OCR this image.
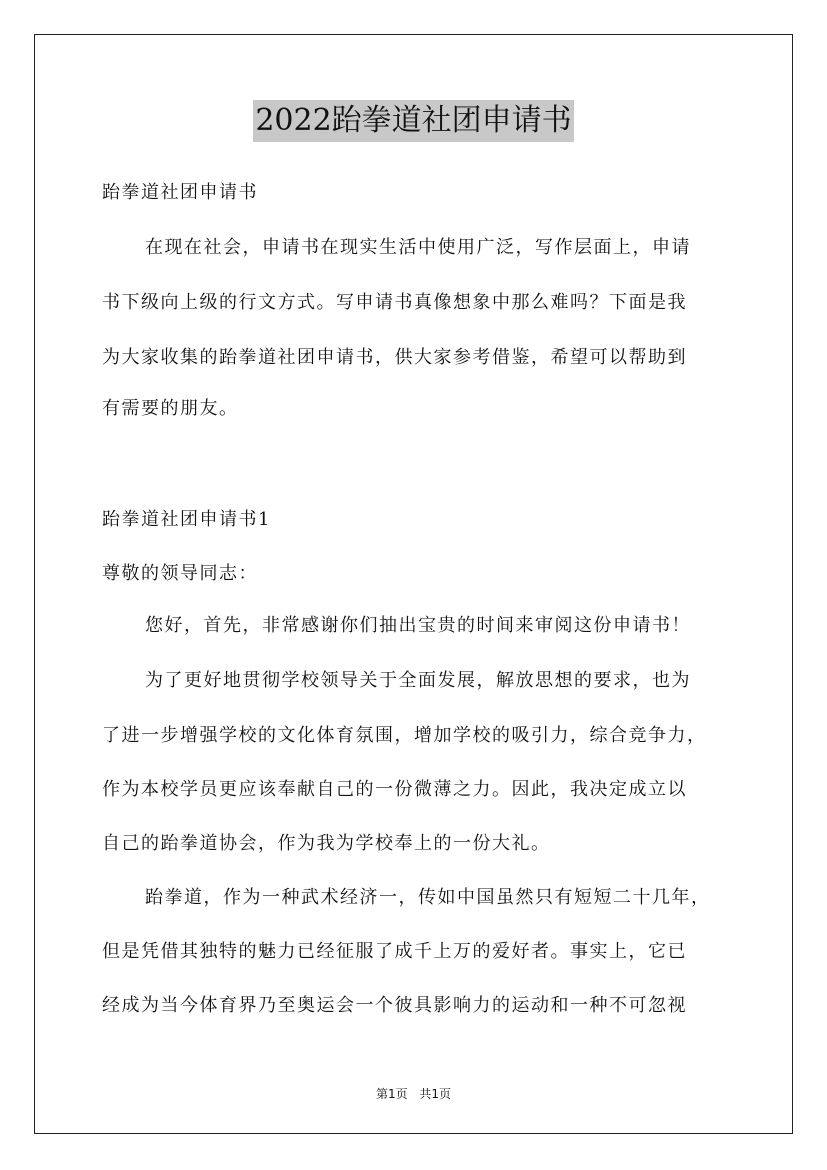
2022跆拳道社团申请书
跆拳道社团申请书
在现在社会，申请书在现实生活中使用广泛，写作层面上，申请
书下级向上级的行文方式。写申请书真像想象中那么难吗？下面是我
为大家收集的跆拳道社团申请书，供大家参考借鉴，希望可以帮助到
有需要的朋友。
跆拳道社团申请书1
尊敬的领导同志：
您好，首先，非常感谢你们抽出宝贵的时间来审阅这份申请书！
为了更好地贯彻学校领导关于全面发展，解放思想的要求，也为
了进一步增强学校的文化体育氛围，增加学校的吸引力，综合竞争力，
作为本校学员更应该奉献自己的一份微薄之力。因此，我决定成立以
自己的跆拳道协会，作为我为学校奉上的一份大礼。
跆拳道，作为一种武术经济一，传如中国虽然只有短短二十几年，
但是凭借其独特的魅力已经征服了成千上万的爱好者。事实上，它已
经成为当今体育界乃至奥运会一个彼具影响力的运动和一种不可忽视
第1页 共1页
